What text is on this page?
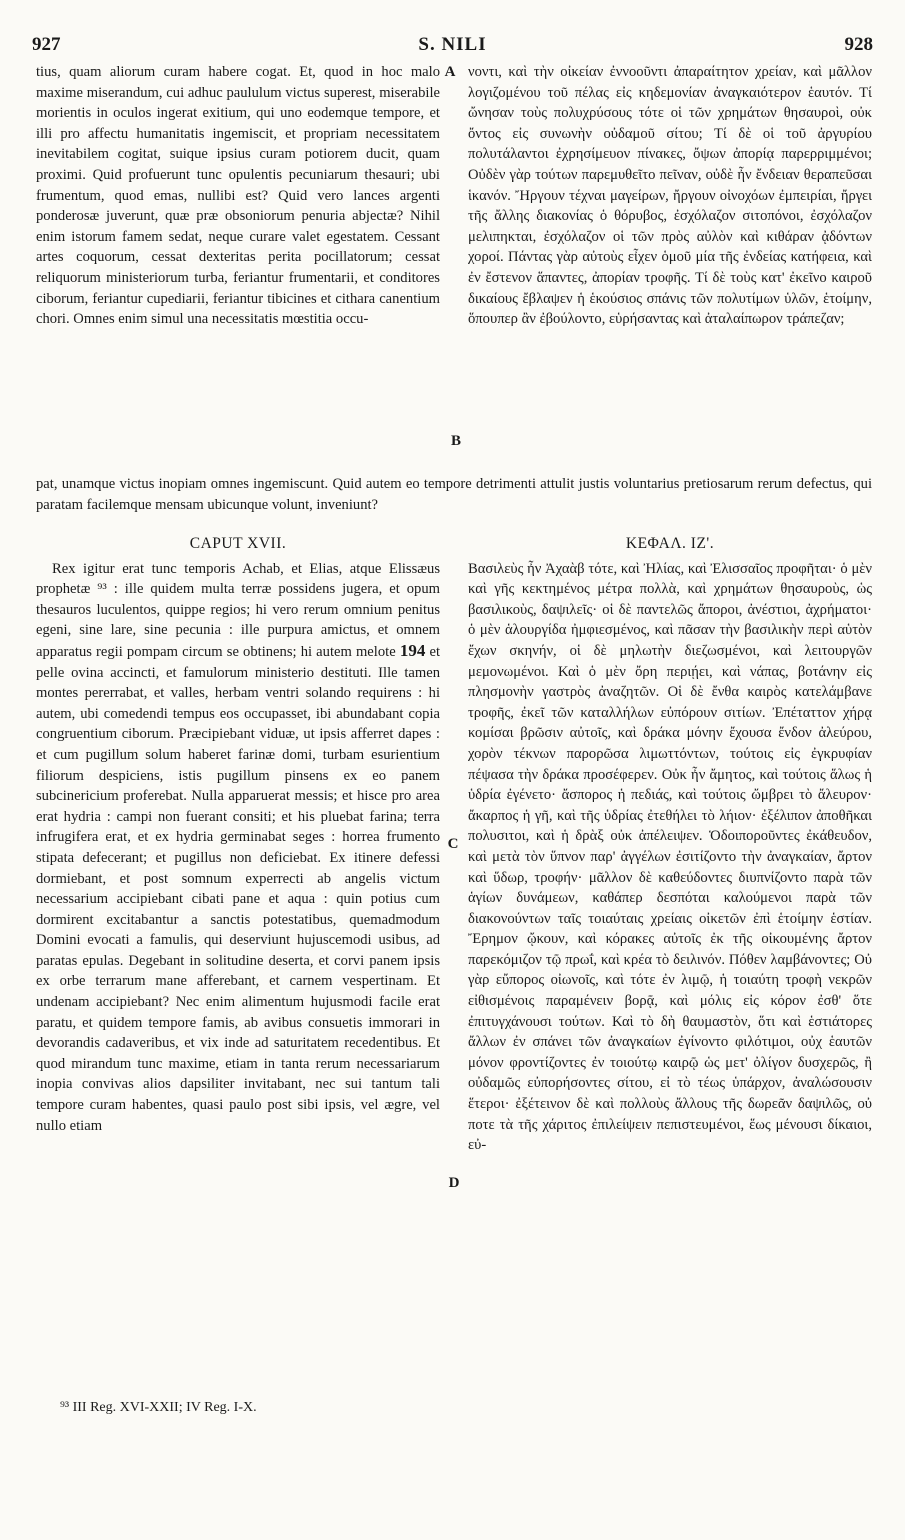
S. NILI
927	928
A
B
C
D

tius, quam aliorum curam habere cogat. Et, quod in hoc malo maxime miserandum, cui adhuc paululum victus superest, miserabile morientis in oculos ingerat exitium, qui uno eodemque tempore, et illi pro affectu humanitatis ingemiscit, et propriam necessitatem inevitabilem cogitat, suique ipsius curam potiorem ducit, quam proximi. Quid profuerunt tunc opulentis pecuniarum thesauri; ubi frumentum, quod emas, nullibi est? Quid vero lances argenti ponderosæ juverunt, quæ præ obsoniorum penuria abjectæ? Nihil enim istorum famem sedat, neque curare valet egestatem. Cessant artes coquorum, cessat dexteritas perita pocillatorum; cessat reliquorum ministeriorum turba, feriantur frumentarii, et conditores ciborum, feriantur cupediarii, feriantur tibicines et cithara canentium chori. Omnes enim simul una necessitatis mœstitia occu-

νοντι, καὶ τὴν οἰκείαν ἐννοοῦντι ἀπαραίτητον χρείαν, καὶ μᾶλλον λογιζομένου τοῦ πέλας εἰς κηδεμονίαν ἀναγκαιότερον ἑαυτόν. Τί ὤνησαν τοὺς πολυχρύσους τότε οἱ τῶν χρημάτων θησαυροὶ, οὐκ ὄντος εἰς συνωνὴν οὐδαμοῦ σίτου; Τί δὲ οἱ τοῦ ἀργυρίου πολυτάλαντοι ἐχρησίμευον πίνακες, ὄψων ἀπορίᾳ παρερριμμένοι; Οὐδὲν γὰρ τούτων παρεμυθεῖτο πεῖναν, οὐδὲ ἦν ἔνδειαν θεραπεῦσαι ἱκανόν. Ἤργουν τέχναι μαγείρων, ἤργουν οἰνοχόων ἐμπειρίαι, ἤργει τῆς ἄλλης διακονίας ὁ θόρυβος, ἐσχόλαζον σιτοπόνοι, ἐσχόλαζον μελιπηκται, ἐσχόλαζον οἱ τῶν πρὸς αὐλὸν καὶ κιθάραν ᾀδόντων χοροί. Πάντας γὰρ αὐτοὺς εἶχεν ὁμοῦ μία τῆς ἐνδείας κατήφεια, καὶ ἐν ἔστενον ἅπαντες, ἀπορίαν τροφῆς. Τί δὲ τοὺς κατ' ἐκεῖνο καιροῦ δικαίους ἔβλαψεν ἡ ἑκούσιος σπάνις τῶν πολυτίμων ὑλῶν, ἑτοίμην, ὅπουπερ ἂν ἐβούλοντο, εὑρήσαντας καὶ ἀταλαίπωρον τράπεζαν;

pat, unamque victus inopiam omnes ingemiscunt. Quid autem eo tempore detrimenti attulit justis voluntarius pretiosarum rerum defectus, qui paratam facilemque mensam ubicunque volunt, inveniunt?

CAPUT XVII.

Rex igitur erat tunc temporis Achab, et Elias, atque Elissæus prophetæ ⁹³ : ille quidem multa terræ possidens jugera, et opum thesauros luculentos, quippe regios; hi vero rerum omnium penitus egeni, sine lare, sine pecunia : ille purpura amictus, et omnem apparatus regii pompam circum se obtinens; hi autem melote 194 et pelle ovina accincti, et famulorum ministerio destituti. Ille tamen montes pererrabat, et valles, herbam ventri solando requirens : hi autem, ubi comedendi tempus eos occupasset, ibi abundabant copia congruentium ciborum. Præcipiebant viduæ, ut ipsis afferret dapes : et cum pugillum solum haberet farinæ domi, turbam esurientium filiorum despiciens, istis pugillum pinsens ex eo panem subcinericium proferebat. Nulla apparuerat messis; et hisce pro area erat hydria : campi non fuerant consiti; et his pluebat farina; terra infrugifera erat, et ex hydria germinabat seges : horrea frumento stipata defecerant; et pugillus non deficiebat. Ex itinere defessi dormiebant, et post somnum experrecti ab angelis victum necessarium accipiebant cibati pane et aqua : quin potius cum dormirent excitabantur a sanctis potestatibus, quemadmodum Domini evocati a famulis, qui deserviunt hujuscemodi usibus, ad paratas epulas. Degebant in solitudine deserta, et corvi panem ipsis ex orbe terrarum mane afferebant, et carnem vespertinam. Et undenam accipiebant? Nec enim alimentum hujusmodi facile erat paratu, et quidem tempore famis, ab avibus consuetis immorari in devorandis cadaveribus, et vix inde ad saturitatem recedentibus. Et quod mirandum tunc maxime, etiam in tanta rerum necessariarum inopia convivas alios dapsiliter invitabant, nec sui tantum tali tempore curam habentes, quasi paulo post sibi ipsis, vel ægre, vel nullo etiam

ΚΕΦΑΛ. ΙΖ'.

Βασιλεὺς ἦν Ἀχαὰβ τότε, καὶ Ἠλίας, καὶ Ἐλισσαῖος προφῆται· ὁ μὲν καὶ γῆς κεκτημένος μέτρα πολλὰ, καὶ χρημάτων θησαυροὺς, ὡς βασιλικοὺς, δαψιλεῖς· οἱ δὲ παντελῶς ἄποροι, ἀνέστιοι, ἀχρήματοι· ὁ μὲν ἁλουργίδα ἠμφιεσμένος, καὶ πᾶσαν τὴν βασιλικὴν περὶ αὑτὸν ἔχων σκηνήν, οἱ δὲ μηλωτὴν διεζωσμένοι, καὶ λειτουργῶν μεμονωμένοι. Καὶ ὁ μὲν ὄρη περιῄει, καὶ νάπας, βοτάνην εἰς πλησμονὴν γαστρὸς ἀναζητῶν. Οἱ δὲ ἔνθα καιρὸς κατελάμβανε τροφῆς, ἐκεῖ τῶν καταλλήλων εὐπόρουν σιτίων. Ἐπέταττον χήρᾳ κομίσαι βρῶσιν αὐτοῖς, καὶ δράκα μόνην ἔχουσα ἔνδον ἀλεύρου, χορὸν τέκνων παρορῶσα λιμωττόντων, τούτοις εἰς ἐγκρυφίαν πέψασα τὴν δράκα προσέφερεν. Οὐκ ἦν ἄμητος, καὶ τούτοις ἅλως ἡ ὑδρία ἐγένετο· ἄσπορος ἡ πεδιάς, καὶ τούτοις ὤμβρει τὸ ἄλευρον· ἄκαρπος ἡ γῆ, καὶ τῆς ὑδρίας ἐτεθήλει τὸ λήιον· ἐξέλιπον ἀποθῆκαι πολυσιτοι, καὶ ἡ δρὰξ οὐκ ἀπέλειψεν. Ὁδοιποροῦντες ἐκάθευδον, καὶ μετὰ τὸν ὕπνον παρ' ἀγγέλων ἐσιτίζοντο τὴν ἀναγκαίαν, ἄρτον καὶ ὕδωρ, τροφήν· μᾶλλον δὲ καθεύδοντες διυπνίζοντο παρὰ τῶν ἁγίων δυνάμεων, καθάπερ δεσπόται καλούμενοι παρὰ τῶν διακονούντων ταῖς τοιαύταις χρείαις οἰκετῶν ἐπὶ ἑτοίμην ἑστίαν. Ἔρημον ᾤκουν, καὶ κόρακες αὐτοῖς ἐκ τῆς οἰκουμένης ἄρτον παρεκόμιζον τῷ πρωΐ, καὶ κρέα τὸ δειλινόν. Πόθεν λαμβάνοντες; Οὐ γὰρ εὔπορος οἰωνοῖς, καὶ τότε ἐν λιμῷ, ἡ τοιαύτη τροφὴ νεκρῶν εἰθισμένοις παραμένειν βορᾷ, καὶ μόλις εἰς κόρον ἐσθ' ὅτε ἐπιτυγχάνουσι τούτων. Καὶ τὸ δὴ θαυμαστὸν, ὅτι καὶ ἑστιάτορες ἄλλων ἐν σπάνει τῶν ἀναγκαίων ἐγίνοντο φιλότιμοι, οὐχ ἑαυτῶν μόνον φροντίζοντες ἐν τοιούτῳ καιρῷ ὡς μετ' ὀλίγον δυσχερῶς, ἢ οὐδαμῶς εὐπορήσοντες σίτου, εἰ τὸ τέως ὑπάρχον, ἀναλώσουσιν ἕτεροι· ἐξέτεινον δὲ καὶ πολλοὺς ἄλλους τῆς δωρεᾶν δαψιλῶς, οὐ ποτε τὰ τῆς χάριτος ἐπιλείψειν πεπιστευμένοι, ἕως μένουσι δίκαιοι, εὐ-

⁹³ III Reg. XVI-XXII; IV Reg. I-X.
